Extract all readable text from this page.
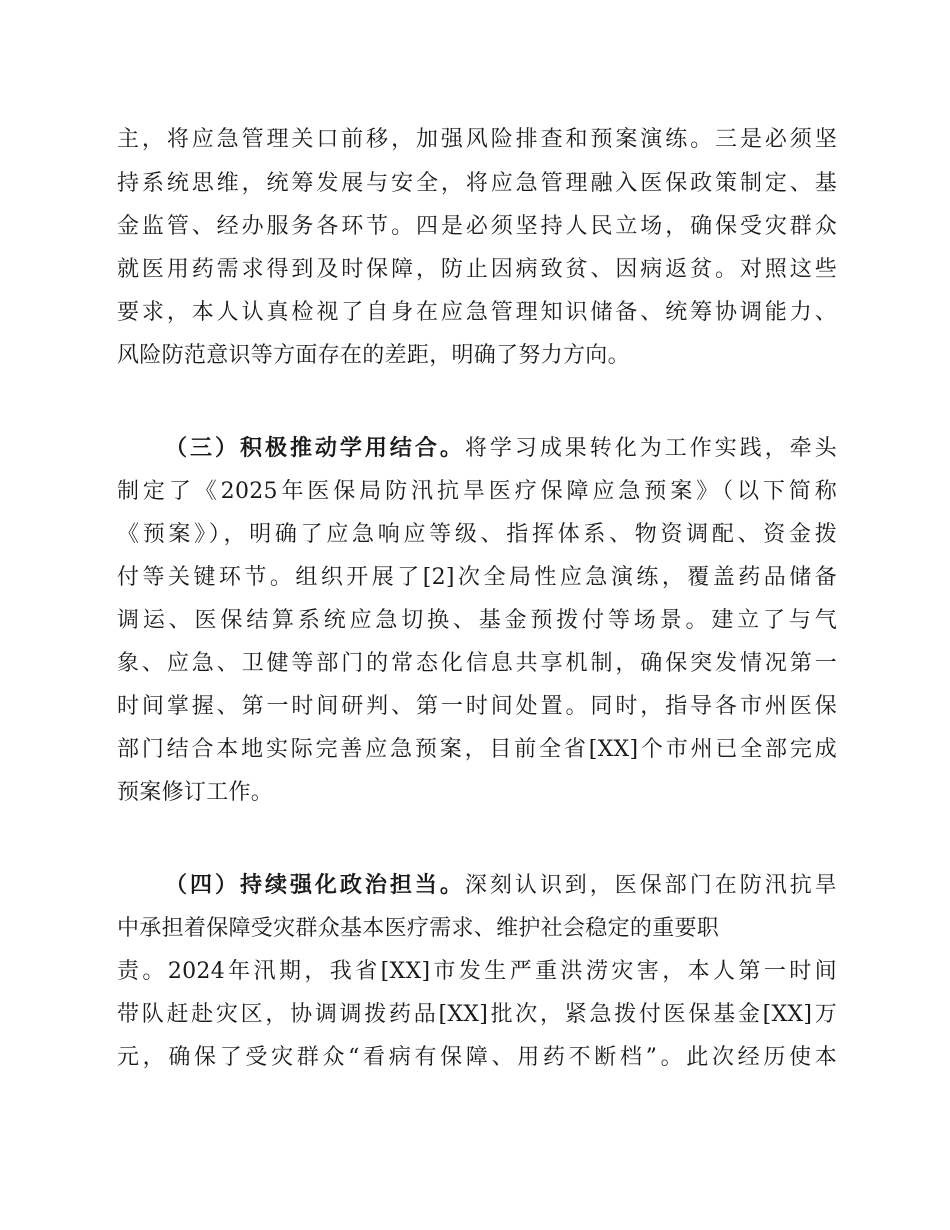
主，将应急管理关口前移，加强风险排查和预案演练。三是必须坚
持系统思维，统筹发展与安全，将应急管理融入医保政策制定、基
金监管、经办服务各环节。四是必须坚持人民立场，确保受灾群众
就医用药需求得到及时保障，防止因病致贫、因病返贫。对照这些
要求，本人认真检视了自身在应急管理知识储备、统筹协调能力、
风险防范意识等方面存在的差距，明确了努力方向。
（三）积极推动学用结合。将学习成果转化为工作实践，牵头
制定了《2025年医保局防汛抗旱医疗保障应急预案》（以下简称
《预案》），明确了应急响应等级、指挥体系、物资调配、资金拨
付等关键环节。组织开展了[2]次全局性应急演练，覆盖药品储备
调运、医保结算系统应急切换、基金预拨付等场景。建立了与气
象、应急、卫健等部门的常态化信息共享机制，确保突发情况第一
时间掌握、第一时间研判、第一时间处置。同时，指导各市州医保
部门结合本地实际完善应急预案，目前全省[XX]个市州已全部完成
预案修订工作。
（四）持续强化政治担当。深刻认识到，医保部门在防汛抗旱
中承担着保障受灾群众基本医疗需求、维护社会稳定的重要职
责。2024年汛期，我省[XX]市发生严重洪涝灾害，本人第一时间
带队赶赴灾区，协调调拨药品[XX]批次，紧急拨付医保基金[XX]万
元，确保了受灾群众“看病有保障、用药不断档”。此次经历使本
